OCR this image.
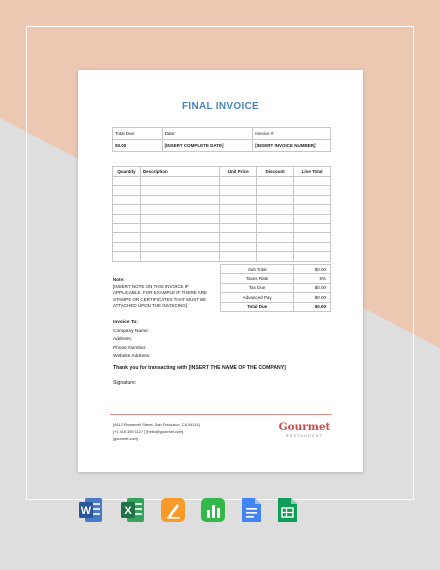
FINAL INVOICE
Total Due:	Date:	Invoice #:
$0.00	[INSERT COMPLETE DATE]	[INSERT INVOICE NUMBER]
Quantity	Description	Unit Price	Discount	Line Total

Sub Total	$0.00
Taxes Rate	5%
Tax Due	$0.00
Advanced Pay	$0.00
Total Due	$0.00
Note:
[INSERT NOTE ON THIS INVOICE IF
APPLICABLE, FOR EXAMPLE IF THERE ARE
STAMPS OR CERTIFICATES THAT MUST BE
ATTACHED UPON THE INVOICING]
Invoice To:
Company Name:
Address:
Phone Number:
Website Address:
Thank you for transacting with [INSERT THE NAME OF THE COMPANY]
Signature:
[4412 Roosevelt Street, San Francisco, CA 94114]
[+1 415 359 1127 ] [hello@gourmet.com]
[gourmet.com]
Gourmet
RESTAURANT
W	X
